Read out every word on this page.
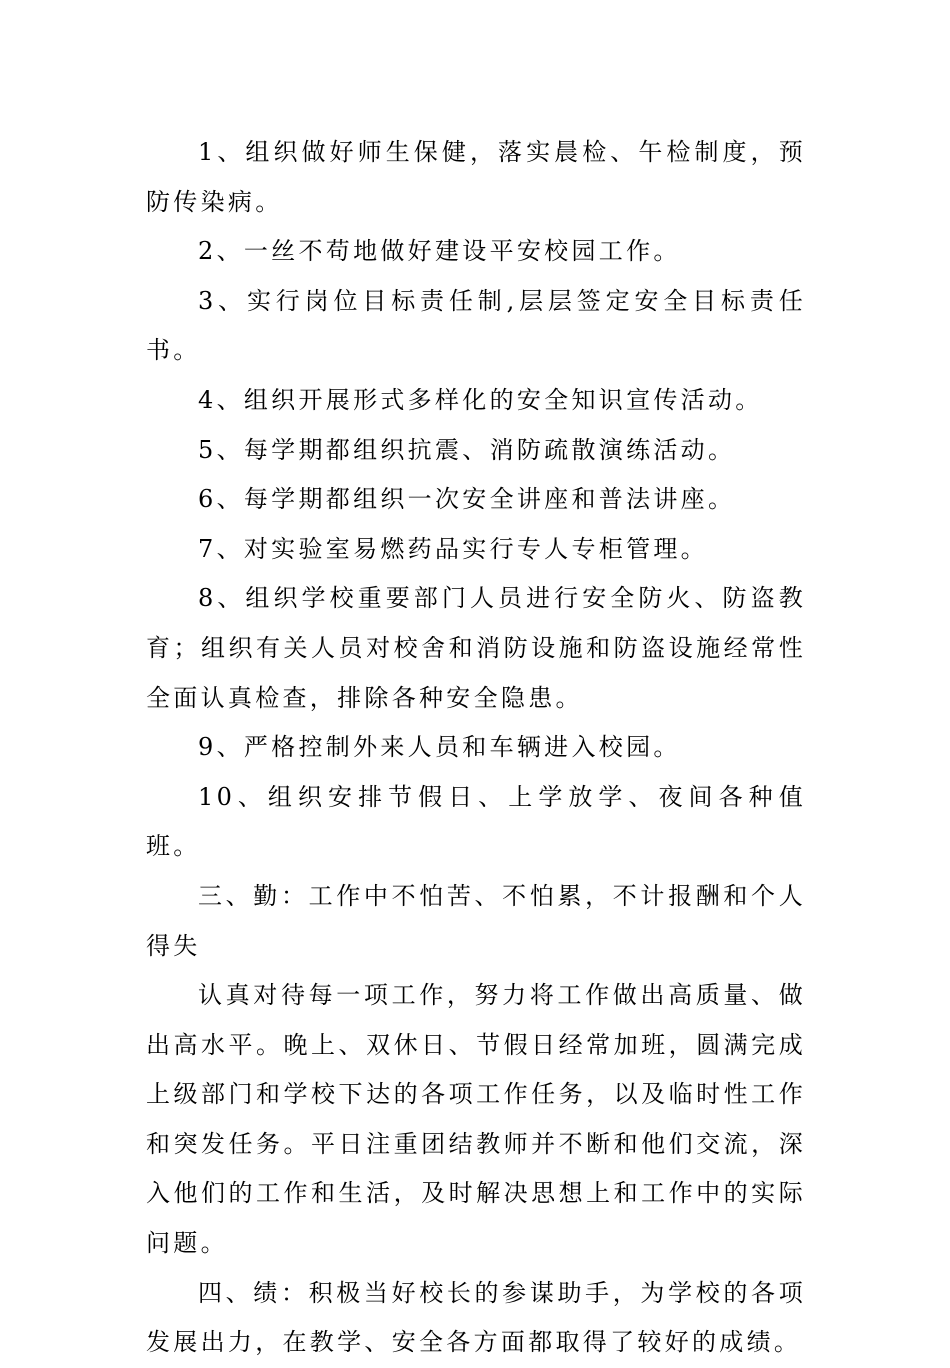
1、组织做好师生保健，落实晨检、午检制度，预防传染病。

2、一丝不苟地做好建设平安校园工作。

3、实行岗位目标责任制,层层签定安全目标责任书。

4、组织开展形式多样化的安全知识宣传活动。

5、每学期都组织抗震、消防疏散演练活动。

6、每学期都组织一次安全讲座和普法讲座。

7、对实验室易燃药品实行专人专柜管理。

8、组织学校重要部门人员进行安全防火、防盗教育；组织有关人员对校舍和消防设施和防盗设施经常性全面认真检查，排除各种安全隐患。

9、严格控制外来人员和车辆进入校园。

10、组织安排节假日、上学放学、夜间各种值班。

三、勤：工作中不怕苦、不怕累，不计报酬和个人得失

认真对待每一项工作，努力将工作做出高质量、做出高水平。晚上、双休日、节假日经常加班，圆满完成上级部门和学校下达的各项工作任务，以及临时性工作和突发任务。平日注重团结教师并不断和他们交流，深入他们的工作和生活，及时解决思想上和工作中的实际问题。

四、绩：积极当好校长的参谋助手，为学校的各项发展出力，在教学、安全各方面都取得了较好的成绩。
